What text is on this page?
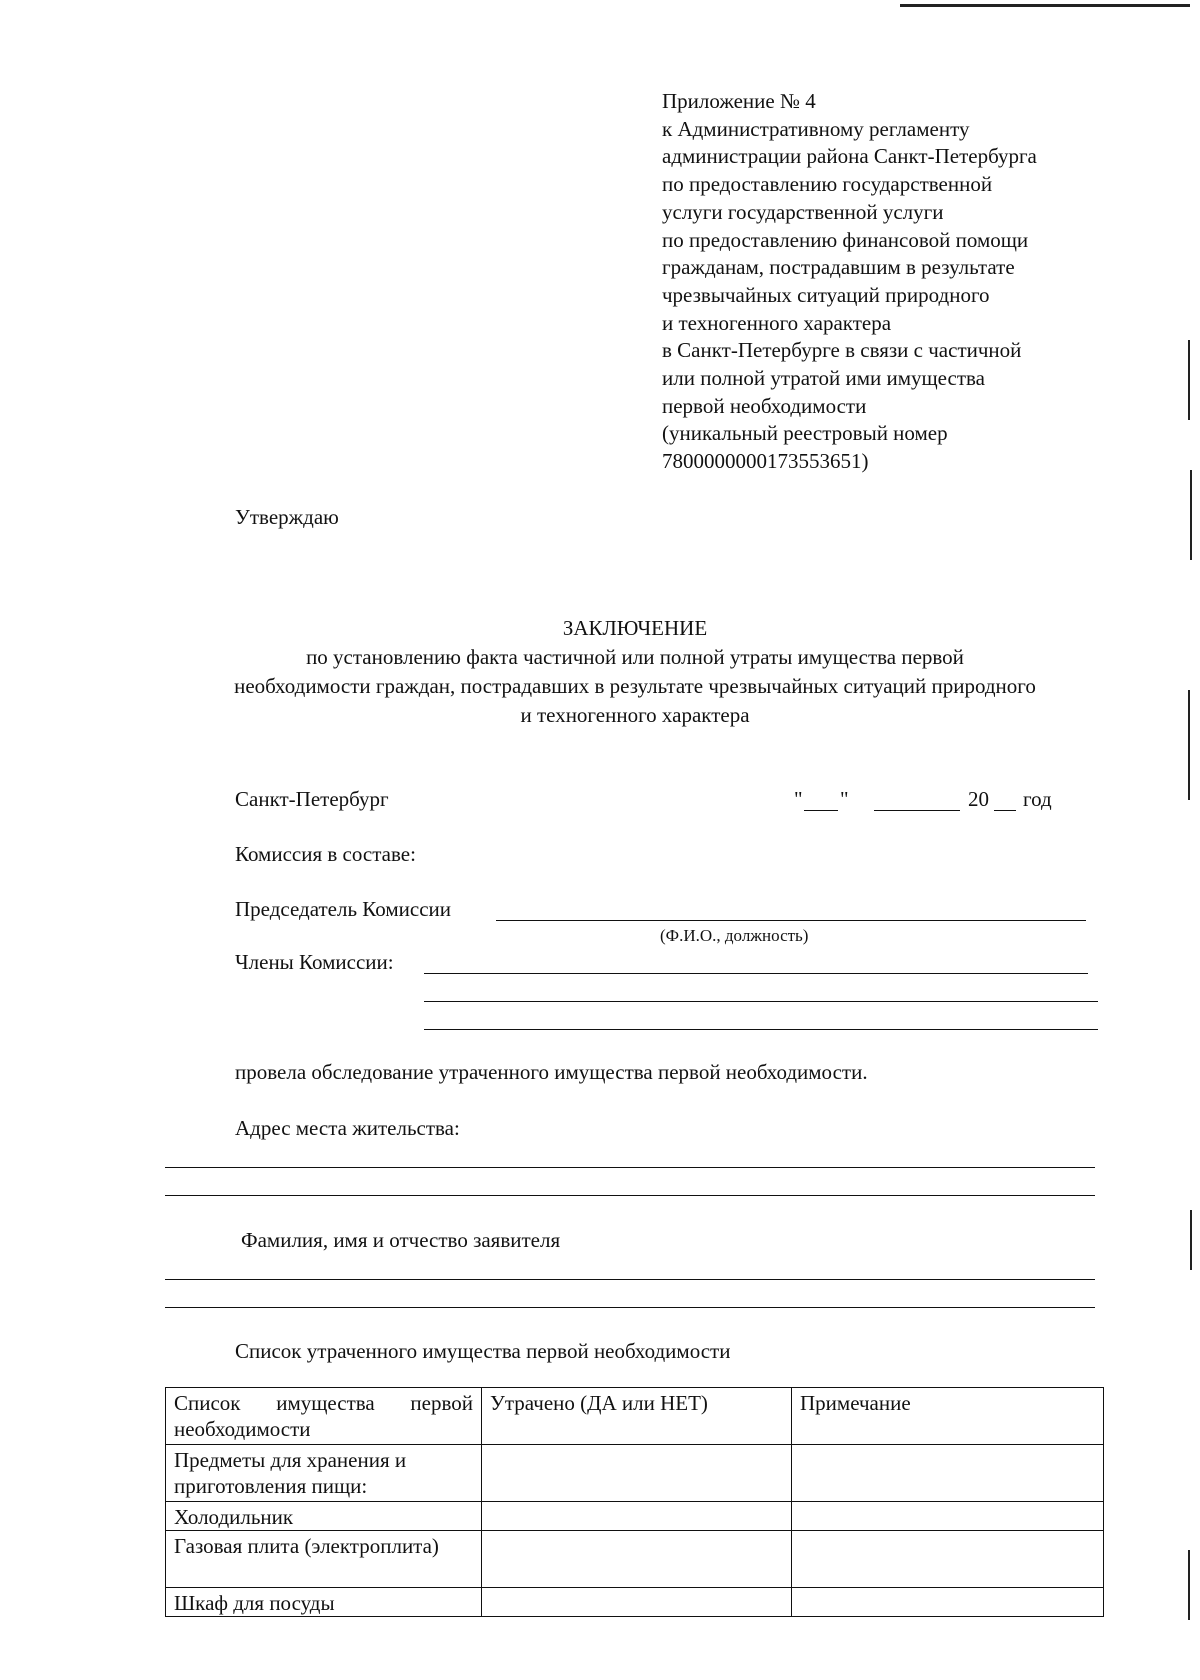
Приложение № 4
к Административному регламенту
администрации района Санкт-Петербурга
по предоставлению государственной
услуги государственной услуги
по предоставлению финансовой помощи
гражданам, пострадавшим в результате
чрезвычайных ситуаций природного
и техногенного характера
в Санкт-Петербурге в связи с частичной
или полной утратой ими имущества
первой необходимости
(уникальный реестровый номер
7800000000173553651)
Утверждаю
ЗАКЛЮЧЕНИЕ
по установлению факта частичной или полной утраты имущества первой
необходимости граждан, пострадавших в результате чрезвычайных ситуаций природного
и техногенного характера
Санкт-Петербург	" "	20 год
Комиссия в составе:
Председатель Комиссии
(Ф.И.О., должность)
Члены Комиссии:
провела обследование утраченного имущества первой необходимости.
Адрес места жительства:
Фамилия, имя и отчество заявителя
Список утраченного имущества первой необходимости
Список имущества первой необходимости	Утрачено (ДА или НЕТ)	Примечание
Предметы для хранения и приготовления пищи:		
Холодильник		
Газовая плита (электроплита)		
Шкаф для посуды		
